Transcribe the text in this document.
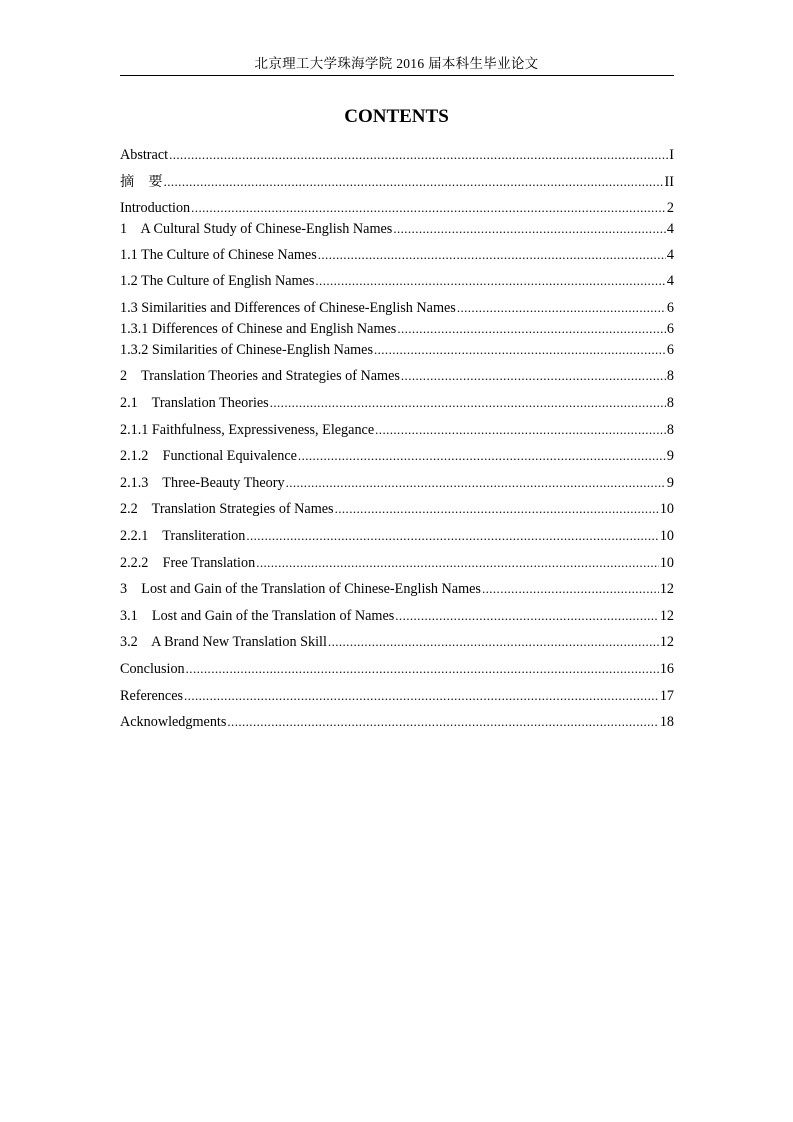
北京理工大学珠海学院 2016 届本科生毕业论文
CONTENTS
Abstract .....	I
摘    要 .....	II
Introduction .....	2
1    A Cultural Study of Chinese-English Names .....	4
1.1 The Culture of Chinese Names .....	4
1.2 The Culture of English Names .....	4
1.3 Similarities and Differences of Chinese-English Names .....	6
1.3.1 Differences of Chinese and English Names .....	6
1.3.2 Similarities of Chinese-English Names .....	6
2    Translation Theories and Strategies of Names .....	8
2.1    Translation Theories .....	8
2.1.1 Faithfulness, Expressiveness, Elegance .....	8
2.1.2    Functional Equivalence .....	9
2.1.3    Three-Beauty Theory .....	9
2.2    Translation Strategies of Names .....	10
2.2.1    Transliteration .....	10
2.2.2    Free Translation .....	10
3    Lost and Gain of the Translation of Chinese-English Names .....	12
3.1    Lost and Gain of the Translation of Names .....	12
3.2    A Brand New Translation Skill .....	12
Conclusion .....	16
References .....	17
Acknowledgments .....	18
